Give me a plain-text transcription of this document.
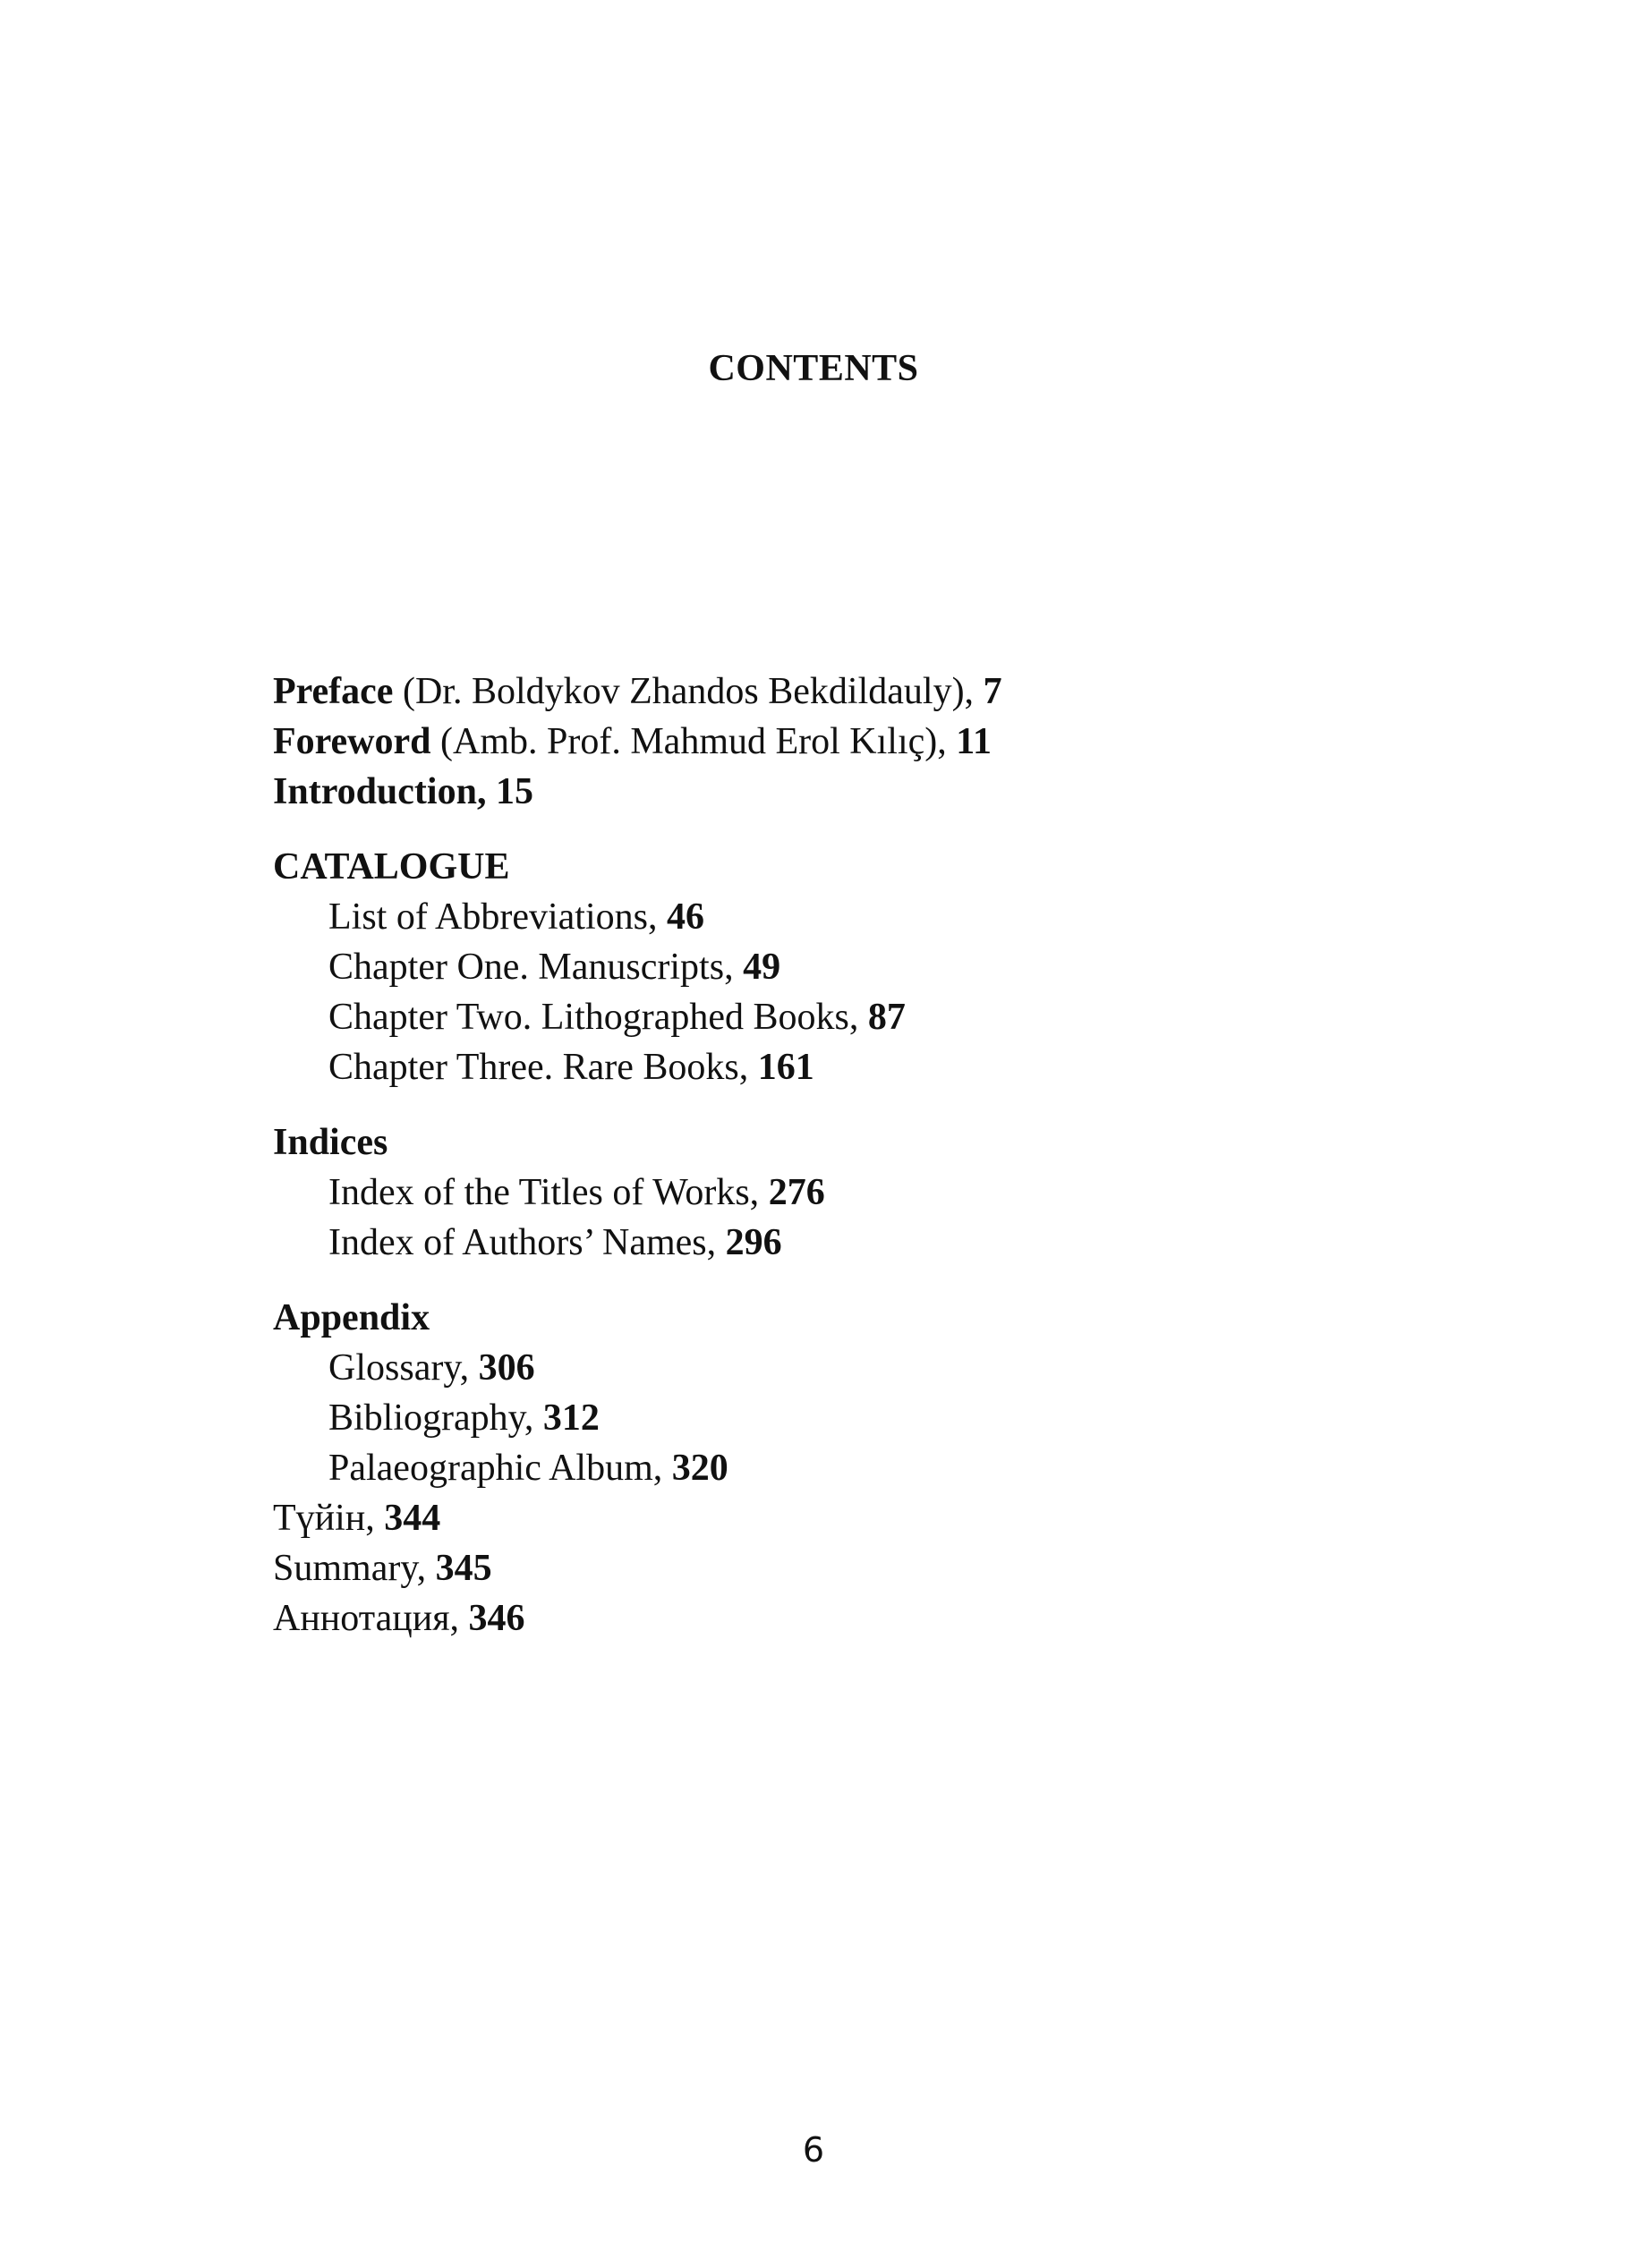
CONTENTS
Preface (Dr. Boldykov Zhandos Bekdildauly), 7
Foreword (Amb. Prof. Mahmud Erol Kılıç), 11
Introduction, 15
CATALOGUE
List of Abbreviations, 46
Chapter One. Manuscripts, 49
Chapter Two. Lithographed Books, 87
Chapter Three. Rare Books, 161
Indices
Index of the Titles of Works, 276
Index of Authors’ Names, 296
Appendix
Glossary, 306
Bibliography, 312
Palaeographic Album, 320
Түйін, 344
Summary, 345
Аннотация, 346
6
